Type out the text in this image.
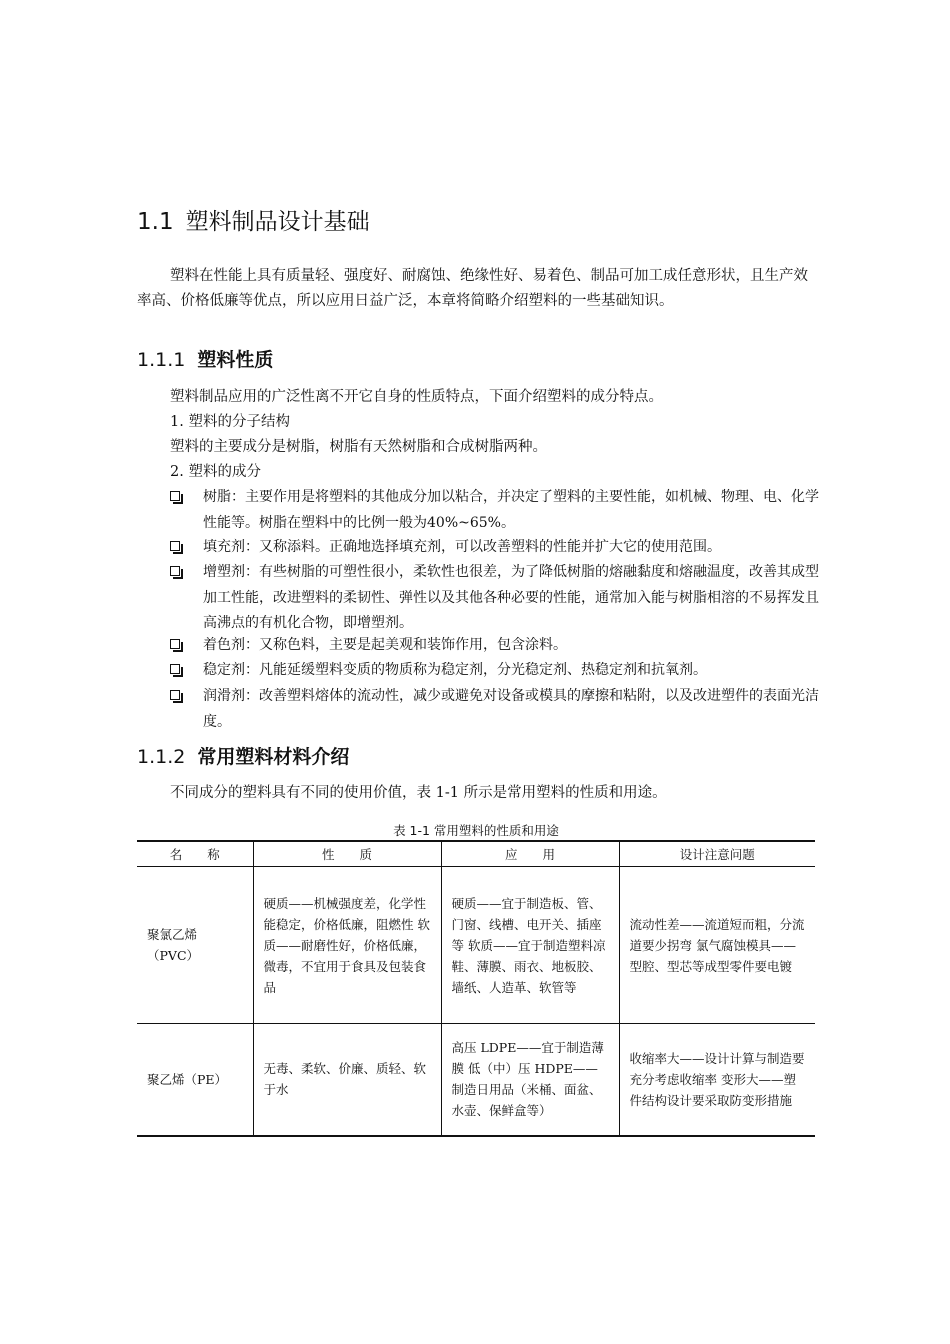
1.1 塑料制品设计基础

塑料在性能上具有质量轻、强度好、耐腐蚀、绝缘性好、易着色、制品可加工成任意形状，且生产效率高、价格低廉等优点，所以应用日益广泛，本章将简略介绍塑料的一些基础知识。

1.1.1 塑料性质

塑料制品应用的广泛性离不开它自身的性质特点，下面介绍塑料的成分特点。

1. 塑料的分子结构

塑料的主要成分是树脂，树脂有天然树脂和合成树脂两种。

2. 塑料的成分

树脂：主要作用是将塑料的其他成分加以粘合，并决定了塑料的主要性能，如机械、物理、电、化学性能等。树脂在塑料中的比例一般为40%~65%。
填充剂：又称添料。正确地选择填充剂，可以改善塑料的性能并扩大它的使用范围。
增塑剂：有些树脂的可塑性很小，柔软性也很差，为了降低树脂的熔融黏度和熔融温度，改善其成型加工性能，改进塑料的柔韧性、弹性以及其他各种必要的性能，通常加入能与树脂相溶的不易挥发且高沸点的有机化合物，即增塑剂。
着色剂：又称色料，主要是起美观和装饰作用，包含涂料。
稳定剂：凡能延缓塑料变质的物质称为稳定剂，分光稳定剂、热稳定剂和抗氧剂。
润滑剂：改善塑料熔体的流动性，减少或避免对设备或模具的摩擦和粘附，以及改进塑件的表面光洁度。
1.1.2 常用塑料材料介绍

不同成分的塑料具有不同的使用价值，表 1-1 所示是常用塑料的性质和用途。

表 1-1 常用塑料的性质和用途
名　　称	性　　质	应　　用	设计注意问题
聚氯乙烯（PVC）	硬质——机械强度差，化学性能稳定，价格低廉，阻燃性 软质——耐磨性好，价格低廉，微毒，不宜用于食具及包装食品	硬质——宜于制造板、管、门窗、线槽、电开关、插座等 软质——宜于制造塑料凉鞋、薄膜、雨衣、地板胶、墙纸、人造革、软管等	流动性差——流道短而粗，分流道要少拐弯 氯气腐蚀模具——型腔、型芯等成型零件要电镀
聚乙烯（PE）	无毒、柔软、价廉、质轻、软于水	高压 LDPE——宜于制造薄膜 低（中）压 HDPE——制造日用品（米桶、面盆、水壶、保鲜盒等）	收缩率大——设计计算与制造要充分考虑收缩率 变形大——塑件结构设计要采取防变形措施
